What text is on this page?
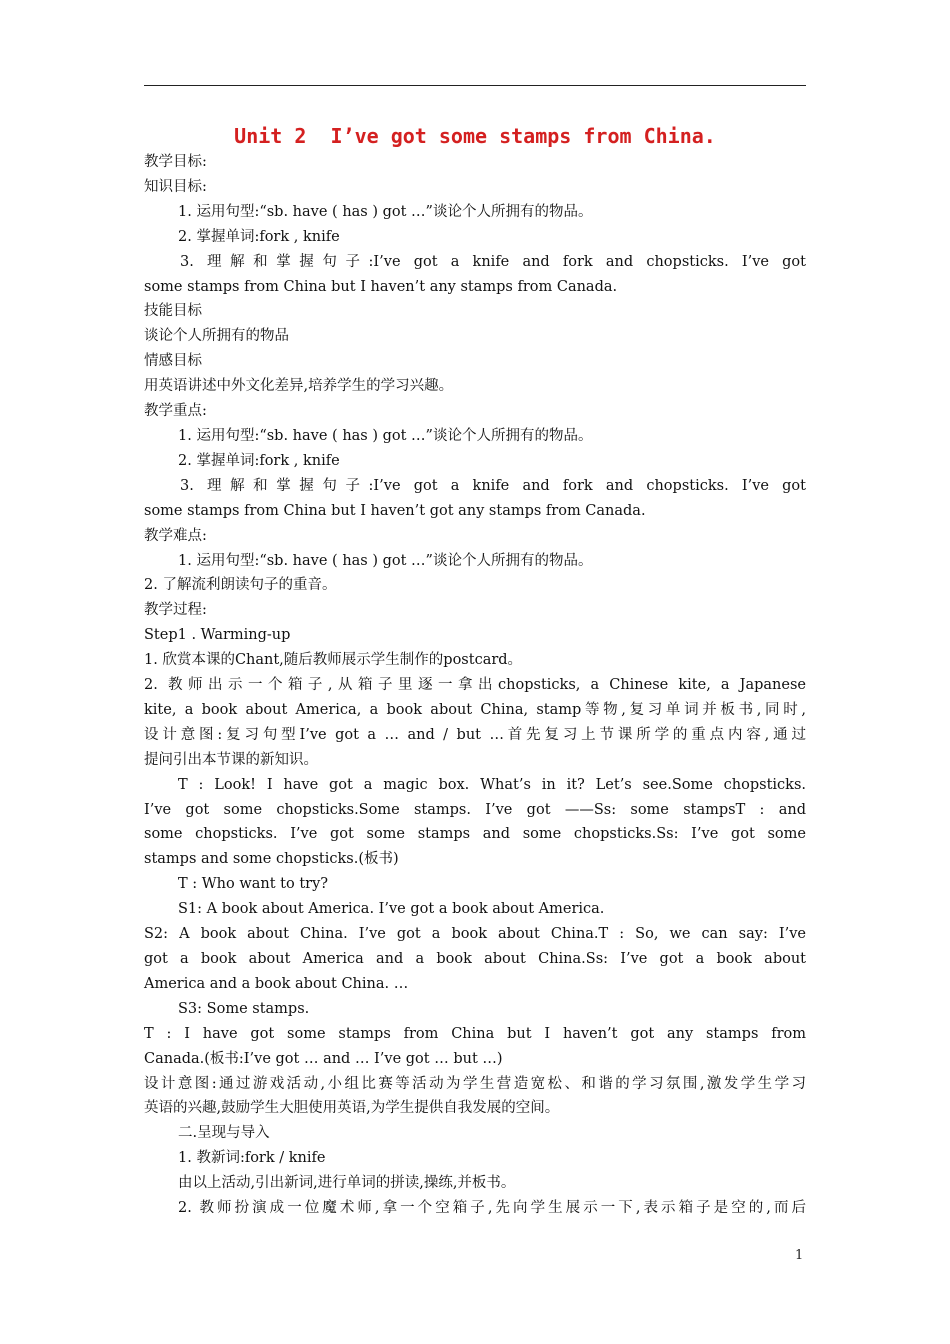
Unit 2  I’ve got some stamps from China.
教学目标:
知识目标:
1. 运用句型:“sb. have ( has ) got …”谈论个人所拥有的物品。
2. 掌握单词:fork , knife
3. 理解和掌握句子:I’ve got a knife and fork and chopsticks. I’ve got
some stamps from China but I haven’t any stamps from Canada.
技能目标
谈论个人所拥有的物品
情感目标
用英语讲述中外文化差异,培养学生的学习兴趣。
教学重点:
1. 运用句型:“sb. have ( has ) got …”谈论个人所拥有的物品。
2. 掌握单词:fork , knife
3. 理解和掌握句子:I’ve got a knife and fork and chopsticks. I’ve got
some stamps from China but I haven’t got any stamps from Canada.
教学难点:
1. 运用句型:“sb. have ( has ) got …”谈论个人所拥有的物品。
2. 了解流利朗读句子的重音。
教学过程:
Step1 . Warming-up
1. 欣赏本课的Chant,随后教师展示学生制作的postcard。
2. 教师出示一个箱子,从箱子里逐一拿出chopsticks, a Chinese kite, a Japanese
kite, a book about America, a book about China, stamp等物,复习单词并板书,同时,
设计意图:复习句型I’ve got a … and / but …首先复习上节课所学的重点内容,通过
提问引出本节课的新知识。
T : Look! I have got a magic box. What’s in it? Let’s see.Some chopsticks.
I’ve got some chopsticks.Some stamps. I’ve got ——Ss: some stampsT : and
some chopsticks. I’ve got some stamps and some chopsticks.Ss: I’ve got some
stamps and some chopsticks.(板书)
T : Who want to try?
S1: A book about America. I’ve got a book about America.
S2: A book about China. I’ve got a book about China.T : So, we can say: I’ve
got a book about America and a book about China.Ss: I’ve got a book about
America and a book about China. …
S3: Some stamps.
T : I have got some stamps from China but I haven’t got any stamps from
Canada.(板书:I’ve got … and … I’ve got … but …)
设计意图:通过游戏活动,小组比赛等活动为学生营造宽松、和谐的学习氛围,激发学生学习
英语的兴趣,鼓励学生大胆使用英语,为学生提供自我发展的空间。
二.呈现与导入
1. 教新词:fork / knife
由以上活动,引出新词,进行单词的拼读,操练,并板书。
2. 教师扮演成一位魔术师,拿一个空箱子,先向学生展示一下,表示箱子是空的,而后
1
